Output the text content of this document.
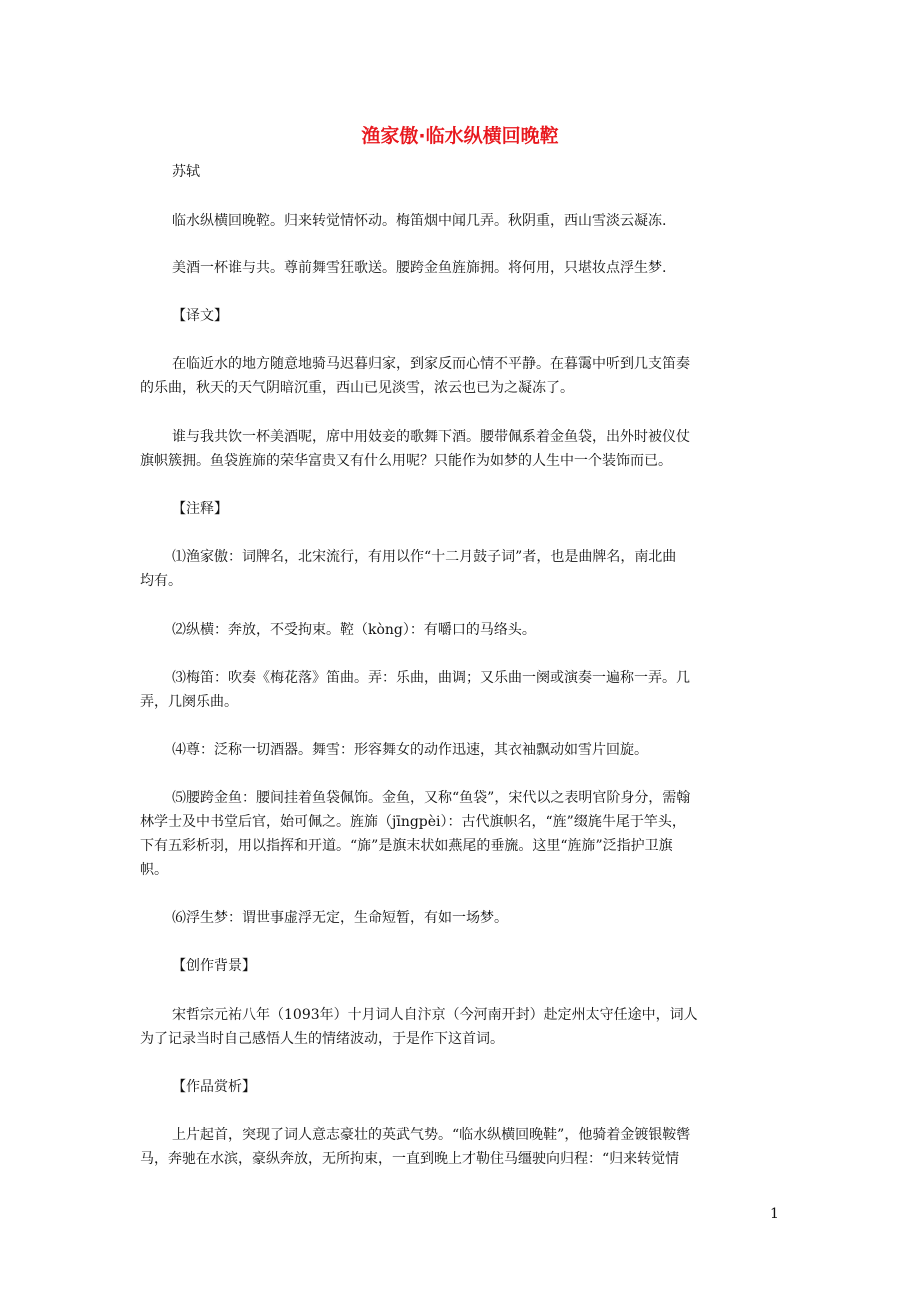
渔家傲·临水纵横回晚鞚
苏轼
临水纵横回晚鞚。归来转觉情怀动。梅笛烟中闻几弄。秋阴重，西山雪淡云凝冻.
美酒一杯谁与共。尊前舞雪狂歌送。腰跨金鱼旌旆拥。将何用，只堪妆点浮生梦.
【译文】
在临近水的地方随意地骑马迟暮归家，到家反而心情不平静。在暮霭中听到几支笛奏
的乐曲，秋天的天气阴暗沉重，西山已见淡雪，浓云也已为之凝冻了。
谁与我共饮一杯美酒呢，席中用妓妾的歌舞下酒。腰带佩系着金鱼袋，出外时被仪仗
旗帜簇拥。鱼袋旌旆的荣华富贵又有什么用呢？只能作为如梦的人生中一个装饰而已。
【注释】
⑴渔家傲：词牌名，北宋流行，有用以作“十二月鼓子词”者，也是曲牌名，南北曲
均有。
⑵纵横：奔放，不受拘束。鞚（kòng）：有嚼口的马络头。
⑶梅笛：吹奏《梅花落》笛曲。弄：乐曲，曲调；又乐曲一阕或演奏一遍称一弄。几
弄，几阕乐曲。
⑷尊：泛称一切酒器。舞雪：形容舞女的动作迅速，其衣袖飘动如雪片回旋。
⑸腰跨金鱼：腰间挂着鱼袋佩饰。金鱼，又称“鱼袋”，宋代以之表明官阶身分，需翰
林学士及中书堂后官，始可佩之。旌旆（jīngpèi）：古代旗帜名，“旌”缀旄牛尾于竿头，
下有五彩析羽，用以指挥和开道。“旆”是旗末状如燕尾的垂旒。这里“旌旆”泛指护卫旗
帜。
⑹浮生梦：谓世事虚浮无定，生命短暂，有如一场梦。
【创作背景】
宋哲宗元祐八年（1093年）十月词人自汴京（今河南开封）赴定州太守任途中，词人
为了记录当时自己感悟人生的情绪波动，于是作下这首词。
【作品赏析】
上片起首，突现了词人意志豪壮的英武气势。“临水纵横回晚鞋”，他骑着金镀银鞍辔
马，奔驰在水滨，豪纵奔放，无所拘束，一直到晚上才勒住马缰驶向归程：“归来转觉情
1
